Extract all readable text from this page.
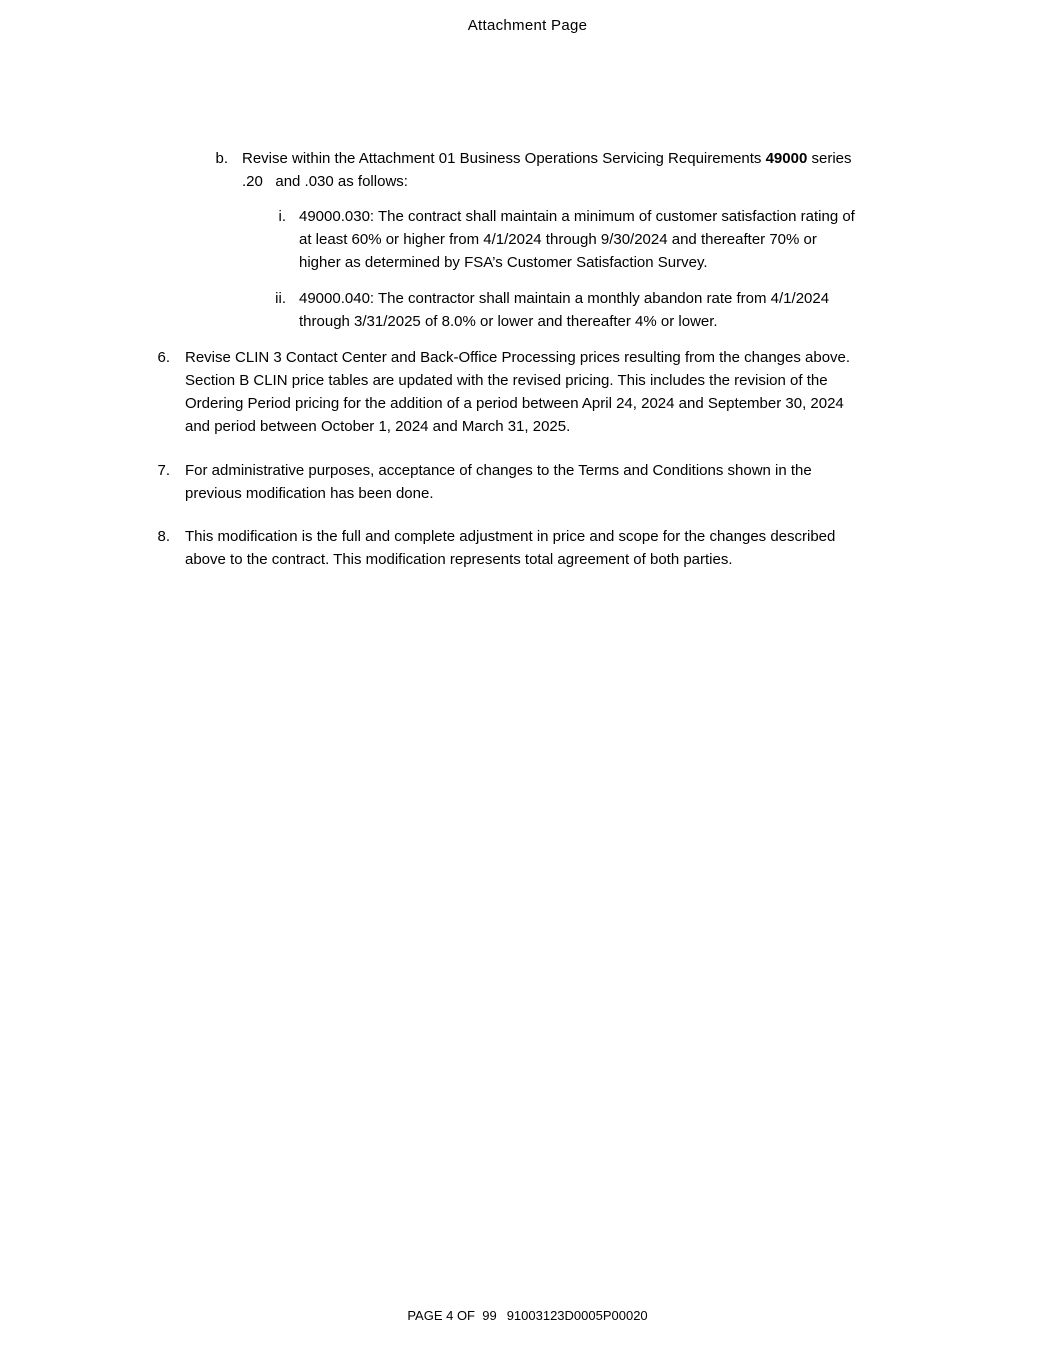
Attachment Page
b. Revise within the Attachment 01 Business Operations Servicing Requirements 49000 series
.20   and .030 as follows:
i. 49000.030: The contract shall maintain a minimum of customer satisfaction rating of
at least 60% or higher from 4/1/2024 through 9/30/2024 and thereafter 70% or
higher as determined by FSA’s Customer Satisfaction Survey.
ii. 49000.040: The contractor shall maintain a monthly abandon rate from 4/1/2024
through 3/31/2025 of 8.0% or lower and thereafter 4% or lower.
6. Revise CLIN 3 Contact Center and Back-Office Processing prices resulting from the changes above.
Section B CLIN price tables are updated with the revised pricing. This includes the revision of the
Ordering Period pricing for the addition of a period between April 24, 2024 and September 30, 2024
and period between October 1, 2024 and March 31, 2025.
7. For administrative purposes, acceptance of changes to the Terms and Conditions shown in the
previous modification has been done.
8. This modification is the full and complete adjustment in price and scope for the changes described
above to the contract. This modification represents total agreement of both parties.
PAGE 4 OF  99 91003123D0005P00020
